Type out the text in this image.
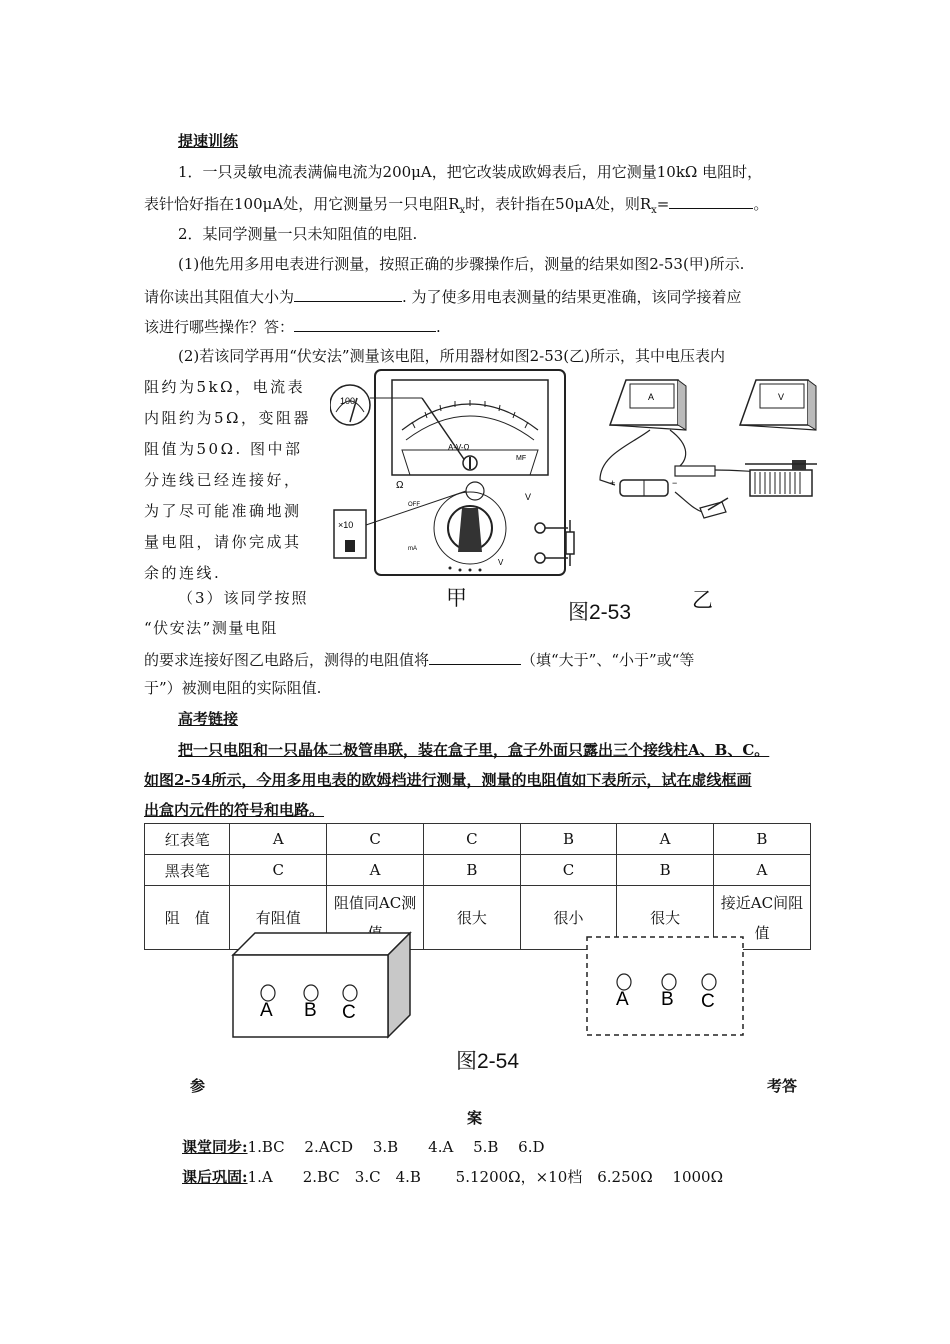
提速训练
1．一只灵敏电流表满偏电流为200μA，把它改装成欧姆表后，用它测量10kΩ 电阻时，
表针恰好指在100μA处，用它测量另一只电阻$R_x$时，表针指在50μA处，则$R_x=$	。
2．某同学测量一只未知阻值的电阻.
(1)他先用多用电表进行测量，按照正确的步骤操作后，测量的结果如图2-53(甲)所示.
请你读出其阻值大小为	. 为了使多用电表测量的结果更准确，该同学接着应
该进行哪些操作？答：	.
(2)若该同学再用“伏安法”测量该电阻，所用器材如图2-53(乙)所示，其中电压表内
阻约为5kΩ，电流表
内阻约为5Ω，变阻器
阻值为50Ω. 图中部
分连线已经连接好，
为了尽可能准确地测
量电阻，请你完成其
余的连线.
（3）该同学按照
“伏安法”测量电阻
的要求连接好图乙电路后，测得的电阻值将	（填“大于”、“小于”或“等
于”）被测电阻的实际阻值.
A-V-Ω
MF
Ω
OFF
mA
V
V
100
×10
A	V
+	−
甲
图2-53
乙
高考链接
把一只电阻和一只晶体二极管串联，装在盒子里，盒子外面只露出三个接线柱A、B、C。
如图2-54所示，今用多用电表的欧姆档进行测量，测量的电阻值如下表所示，试在虚线框画
出盒内元件的符号和电路。
红表笔	A	C	C	B	A	B
黑表笔	C	A	B	C	B	A
阻　值	有阻值	阻值同AC测	很大	很小	很大	接近AC间阻值
A B C
A B C
图2-54
参	考答
案
课堂同步:1.BC　 2.ACD　 3.B　　4.A　 5.B　 6.D
课后巩固:1.A　　2.BC　3.C　4.B　　 5.1200Ω，×10档　6.250Ω　 1000Ω
